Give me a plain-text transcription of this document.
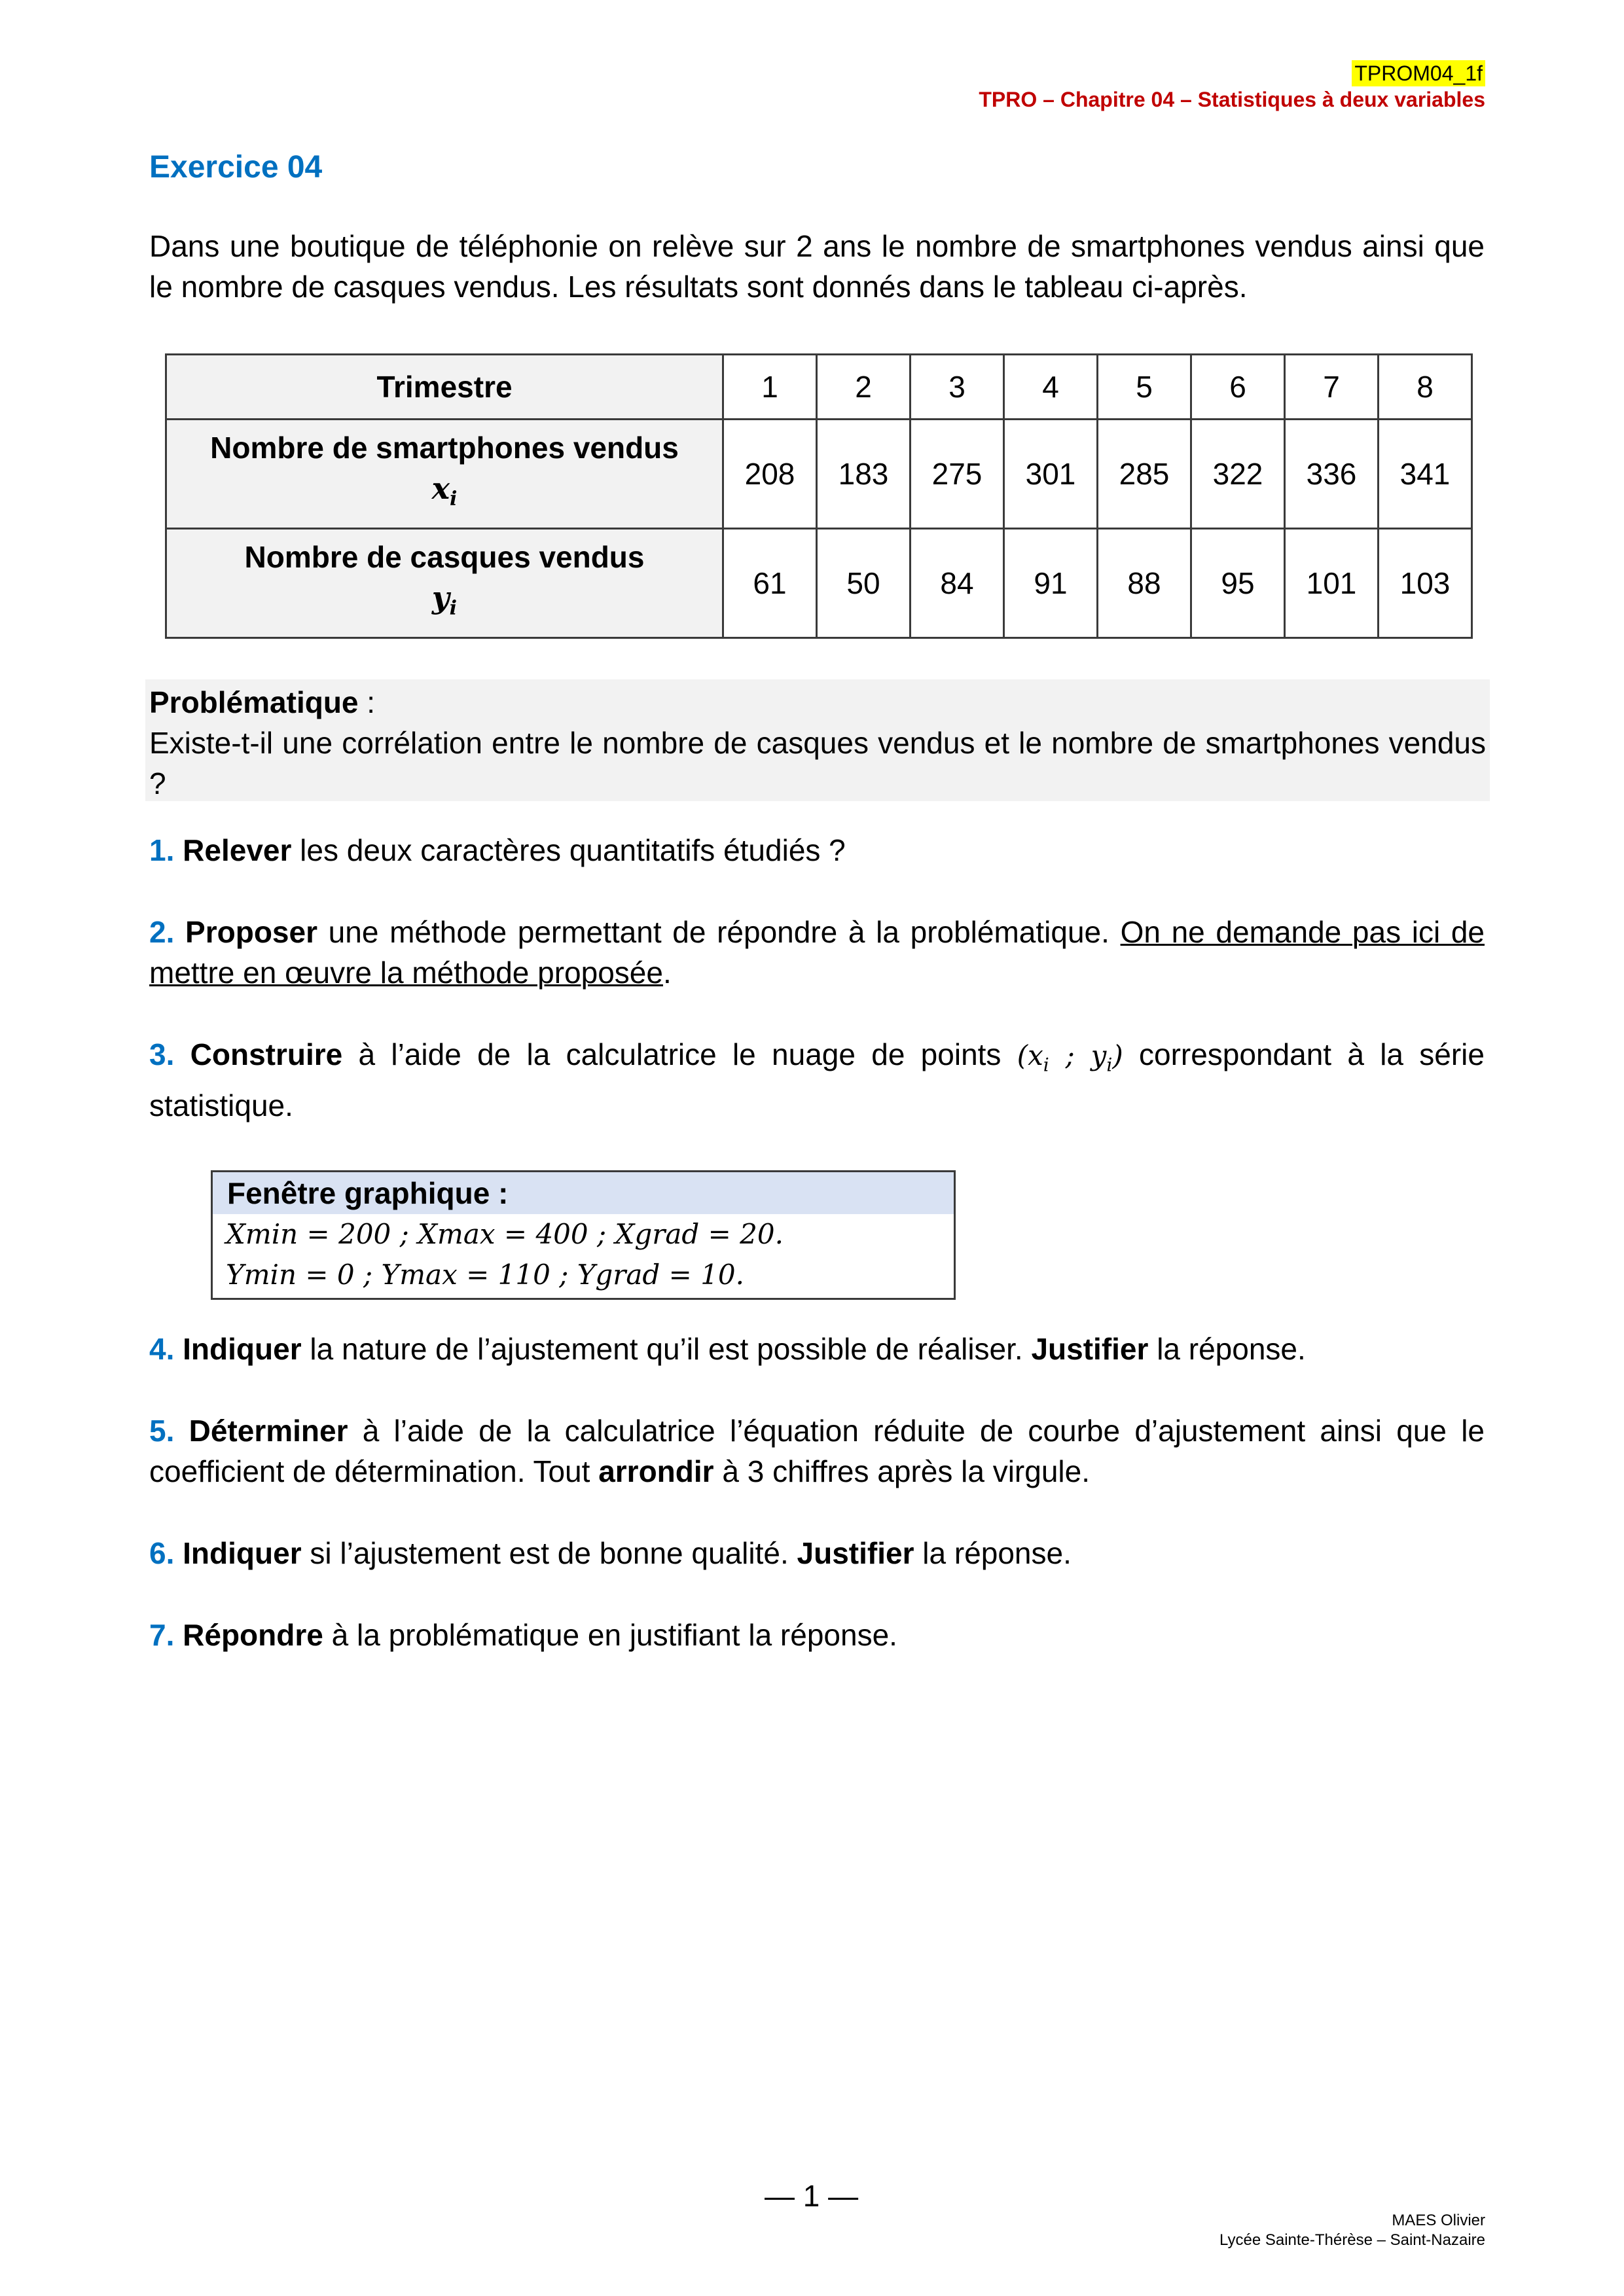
TPROM04_1f
TPRO – Chapitre 04 – Statistiques à deux variables
Exercice 04
Dans une boutique de téléphonie on relève sur 2 ans le nombre de smartphones vendus ainsi que le nombre de casques vendus. Les résultats sont donnés dans le tableau ci-après.
Trimestre	1	2	3	4	5	6	7	8

Nombre de smartphones vendus
$x_i$	208	183	275	301	285	322	336	341

Nombre de casques vendus
$y_i$	61	50	84	91	88	95	101	103
Problématique :
Existe-t-il une corrélation entre le nombre de casques vendus et le nombre de smartphones vendus ?
1. Relever les deux caractères quantitatifs étudiés ?
2. Proposer une méthode permettant de répondre à la problématique. On ne demande pas ici de mettre en œuvre la méthode proposée.
3. Construire à l’aide de la calculatrice le nuage de points ($x_i$ ; $y_i$) correspondant à la série statistique.
Fenêtre graphique :
Xmin = 200 ; Xmax = 400 ; Xgrad = 20.
Ymin = 0 ; Ymax = 110 ; Ygrad = 10.
4. Indiquer la nature de l’ajustement qu’il est possible de réaliser. Justifier la réponse.
5. Déterminer à l’aide de la calculatrice l’équation réduite de courbe d’ajustement ainsi que le coefficient de détermination. Tout arrondir à 3 chiffres après la virgule.
6. Indiquer si l’ajustement est de bonne qualité. Justifier la réponse.
7. Répondre à la problématique en justifiant la réponse.
— 1 —
MAES Olivier
Lycée Sainte-Thérèse – Saint-Nazaire
